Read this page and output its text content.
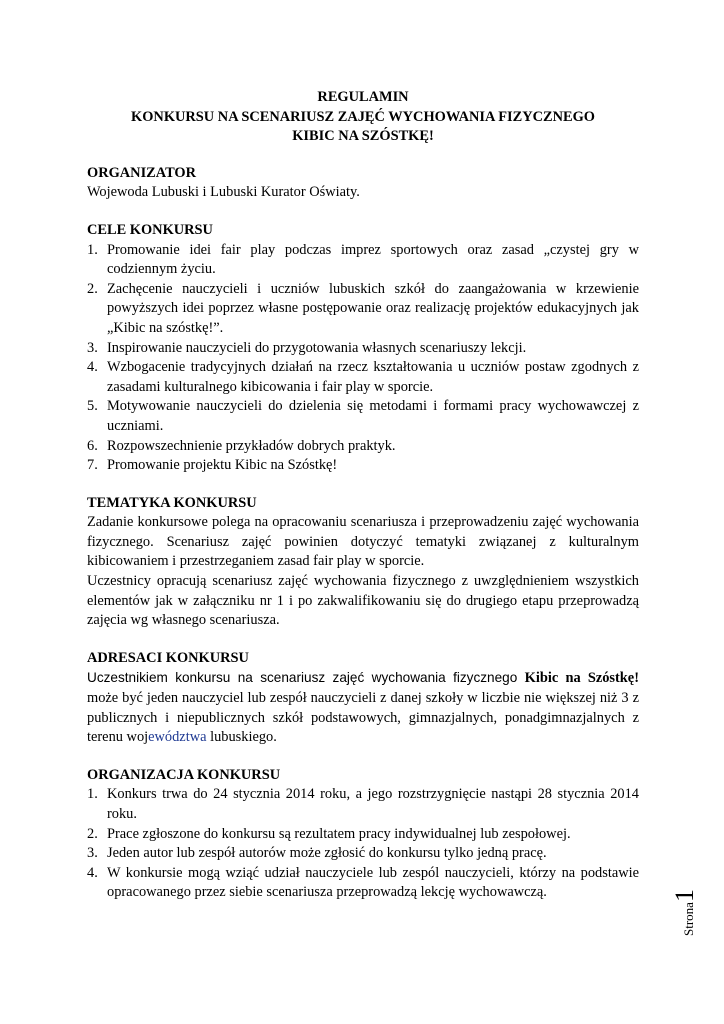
REGULAMIN
KONKURSU NA SCENARIUSZ ZAJĘĆ WYCHOWANIA FIZYCZNEGO
KIBIC NA SZÓSTKĘ!
ORGANIZATOR

Wojewoda Lubuski i Lubuski Kurator Oświaty.

CELE KONKURSU
1. Promowanie idei fair play podczas imprez sportowych oraz zasad „czystej gry w codziennym życiu.
2. Zachęcenie nauczycieli i uczniów lubuskich szkół do zaangażowania w krzewienie powyższych idei poprzez własne postępowanie oraz realizację projektów edukacyjnych jak „Kibic na szóstkę!”.
3. Inspirowanie nauczycieli do przygotowania własnych scenariuszy lekcji.
4. Wzbogacenie tradycyjnych działań na rzecz kształtowania u uczniów postaw zgodnych z zasadami kulturalnego kibicowania i fair play w sporcie.
5. Motywowanie nauczycieli do dzielenia się metodami i formami pracy wychowawczej z uczniami.
6. Rozpowszechnienie przykładów dobrych praktyk.
7. Promowanie projektu Kibic na Szóstkę!
TEMATYKA KONKURSU

Zadanie konkursowe polega na opracowaniu scenariusza i przeprowadzeniu zajęć wychowania fizycznego. Scenariusz zajęć powinien dotyczyć tematyki związanej z kulturalnym kibicowaniem i przestrzeganiem zasad fair play w sporcie.

Uczestnicy opracują scenariusz zajęć wychowania fizycznego z uwzględnieniem wszystkich elementów jak w załączniku nr 1 i po zakwalifikowaniu się do drugiego etapu przeprowadzą zajęcia wg własnego scenariusza.

ADRESACI KONKURSU

Uczestnikiem konkursu na scenariusz zajęć wychowania fizycznego Kibic na Szóstkę! może być jeden nauczyciel lub zespół nauczycieli z danej szkoły w liczbie nie większej niż 3 z publicznych i niepublicznych szkół podstawowych, gimnazjalnych, ponadgimnazjalnych z terenu województwa lubuskiego.

ORGANIZACJA KONKURSU
1. Konkurs trwa do 24 stycznia 2014 roku, a jego rozstrzygnięcie nastąpi 28 stycznia 2014 roku.
2. Prace zgłoszone do konkursu są rezultatem pracy indywidualnej lub zespołowej.
3. Jeden autor lub zespół autorów może zgłosić do konkursu tylko jedną pracę.
4. W konkursie mogą wziąć udział nauczyciele lub zespól nauczycieli, którzy na podstawie opracowanego przez siebie scenariusza przeprowadzą lekcję wychowawczą.
Strona1
